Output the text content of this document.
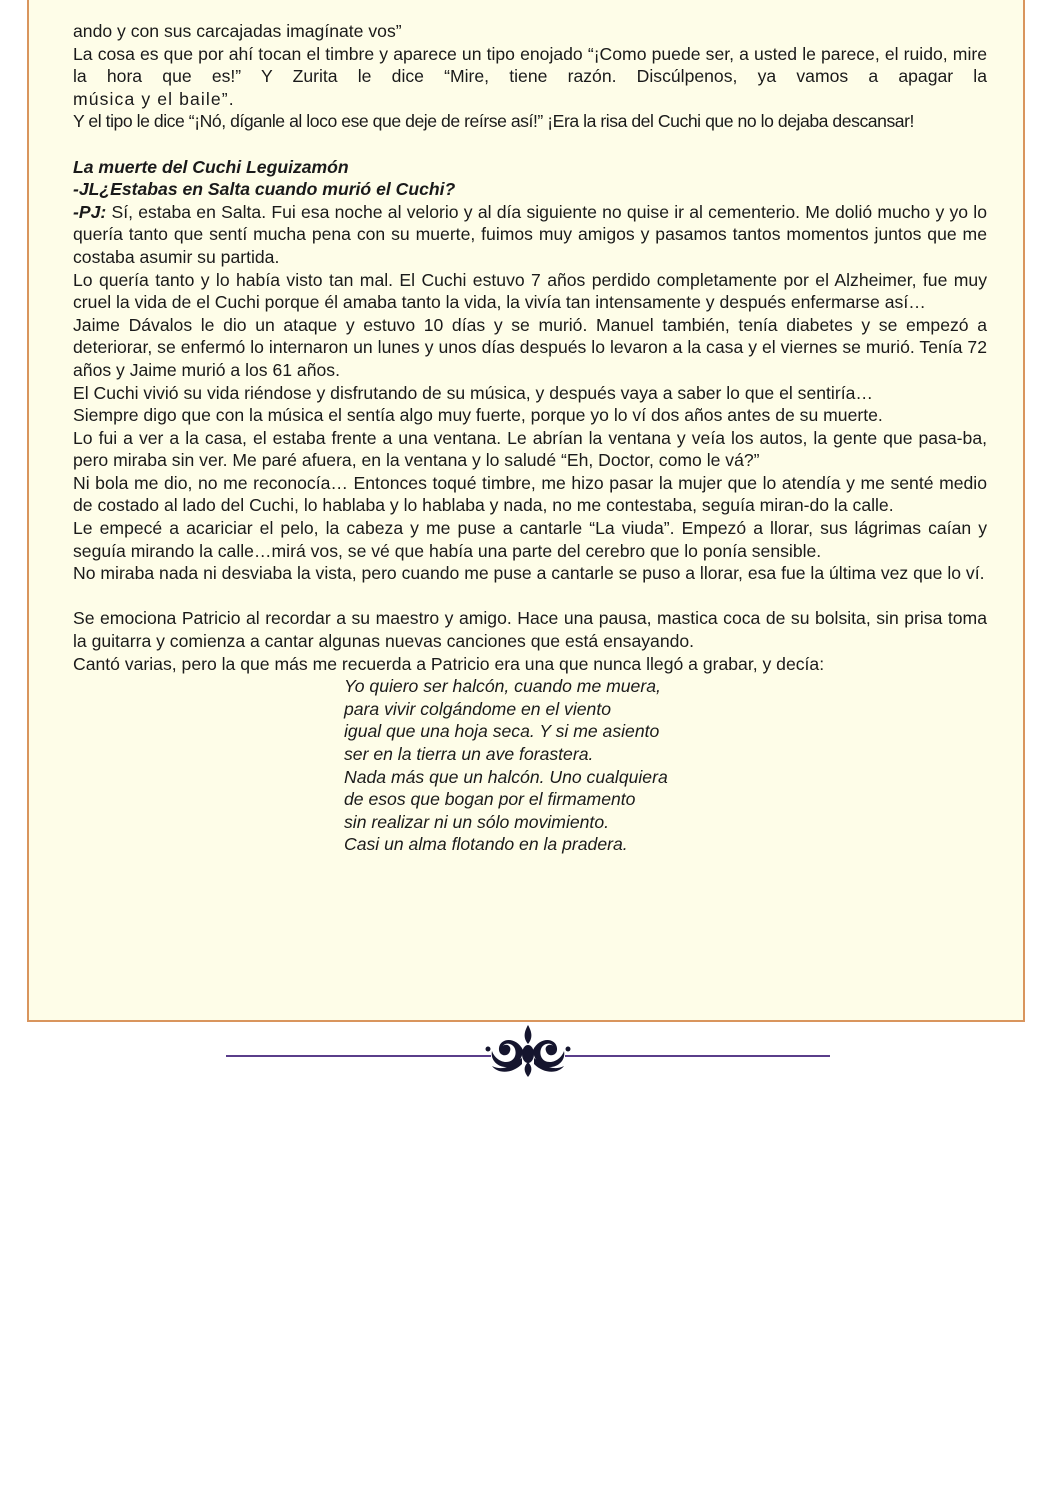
ando y con sus carcajadas imagínate vos”

La cosa es que por ahí tocan el timbre y aparece un tipo enojado “¡Como puede ser, a usted le parece, el ruido, mire la hora que es!” Y Zurita le dice “Mire, tiene razón. Discúlpenos, ya vamos a apagar la

música y el baile”.

Y el tipo le dice “¡Nó, díganle al loco ese que deje de reírse así!” ¡Era la risa del Cuchi que no lo dejaba descansar!

La muerte del Cuchi Leguizamón

-JL¿Estabas en Salta cuando murió el Cuchi?

-PJ: Sí, estaba en Salta. Fui esa noche al velorio y al día siguiente no quise ir al cementerio. Me dolió mucho y yo lo quería tanto que sentí mucha pena con su muerte, fuimos muy amigos y pasamos tantos momentos juntos que me costaba asumir su partida.

Lo quería tanto y lo había visto tan mal. El Cuchi estuvo 7 años perdido completamente por el Alzheimer, fue muy cruel la vida de el Cuchi porque él amaba tanto la vida, la vivía tan intensamente y después enfermarse así…

Jaime Dávalos le dio un ataque y estuvo 10 días y se murió. Manuel también, tenía diabetes y se empezó a deteriorar, se enfermó lo internaron un lunes y unos días después lo levaron a la casa y el viernes se murió. Tenía 72 años y Jaime murió a los 61 años.

El Cuchi vivió su vida riéndose y disfrutando de su música, y después vaya a saber lo que el sentiría…

Siempre digo que con la música el sentía algo muy fuerte, porque yo lo ví dos años antes de su muerte.

Lo fui a ver a la casa, el estaba frente a una ventana. Le abrían la ventana y veía los autos, la gente que pasa-ba, pero miraba sin ver. Me paré afuera, en la ventana y lo saludé “Eh, Doctor, como le vá?”

Ni bola me dio, no me reconocía… Entonces toqué timbre, me hizo pasar la mujer que lo atendía y me senté medio de costado al lado del Cuchi, lo hablaba y lo hablaba y nada, no me contestaba, seguía miran-do la calle.

Le empecé a acariciar el pelo, la cabeza y me puse a cantarle “La viuda”. Empezó a llorar, sus lágrimas caían y seguía mirando la calle…mirá vos, se vé que había una parte del cerebro que lo ponía sensible.

No miraba nada ni desviaba la vista, pero cuando me puse a cantarle se puso a llorar, esa fue la última vez que lo ví.

Se emociona Patricio al recordar a su maestro y amigo. Hace una pausa, mastica coca de su bolsita, sin prisa toma la guitarra y comienza a cantar algunas nuevas canciones que está ensayando.

Cantó varias, pero la que más me recuerda a Patricio era una que nunca llegó a grabar, y decía:

Yo quiero ser halcón, cuando me muera,
para vivir colgándome en el viento
igual que una hoja seca. Y si me asiento
ser en la tierra un ave forastera.
Nada más que un halcón. Uno cualquiera
de esos que bogan por el firmamento
sin realizar ni un sólo movimiento.
Casi un alma flotando en la pradera.
